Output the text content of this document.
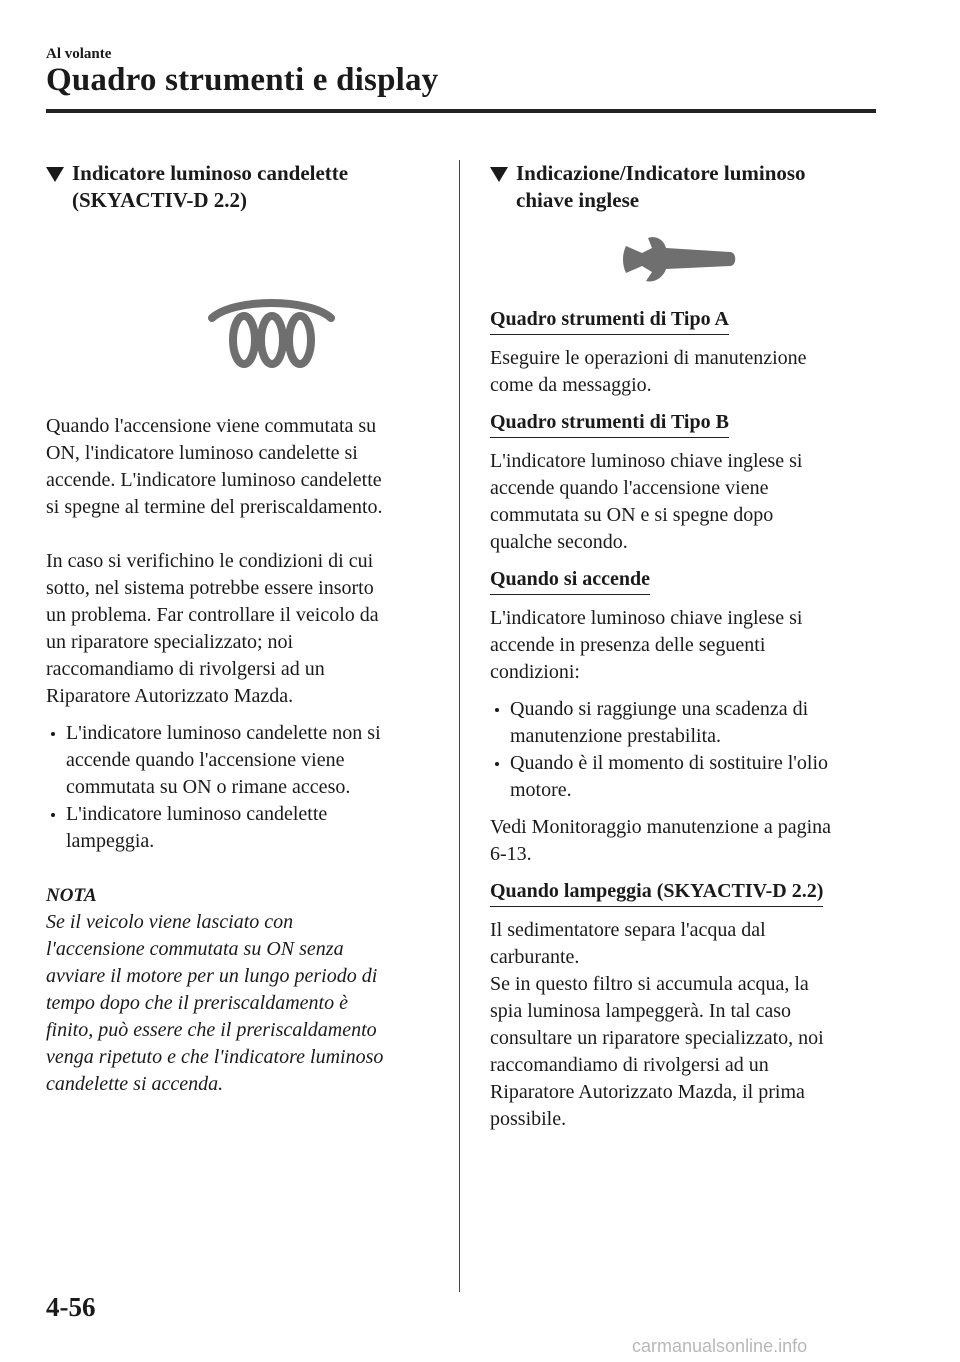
Al volante
Quadro strumenti e display
Indicatore luminoso candelette
(SKYACTIV-D 2.2)

Quando l'accensione viene commutata su
ON, l'indicatore luminoso candelette si
accende. L'indicatore luminoso candelette
si spegne al termine del preriscaldamento.

In caso si verifichino le condizioni di cui
sotto, nel sistema potrebbe essere insorto
un problema. Far controllare il veicolo da
un riparatore specializzato; noi
raccomandiamo di rivolgersi ad un
Riparatore Autorizzato Mazda.

L'indicatore luminoso candelette non si
accende quando l'accensione viene
commutata su ON o rimane acceso.
L'indicatore luminoso candelette
lampeggia.
NOTA
Se il veicolo viene lasciato con
l'accensione commutata su ON senza
avviare il motore per un lungo periodo di
tempo dopo che il preriscaldamento è
finito, può essere che il preriscaldamento
venga ripetuto e che l'indicatore luminoso
candelette si accenda.
Indicazione/Indicatore luminoso
chiave inglese
Quadro strumenti di Tipo A

Eseguire le operazioni di manutenzione
come da messaggio.

Quadro strumenti di Tipo B

L'indicatore luminoso chiave inglese si
accende quando l'accensione viene
commutata su ON e si spegne dopo
qualche secondo.

Quando si accende

L'indicatore luminoso chiave inglese si
accende in presenza delle seguenti
condizioni:

Quando si raggiunge una scadenza di
manutenzione prestabilita.
Quando è il momento di sostituire l'olio
motore.

Vedi Monitoraggio manutenzione a pagina
6-13.

Quando lampeggia (SKYACTIV-D 2.2)

Il sedimentatore separa l'acqua dal
carburante.
Se in questo filtro si accumula acqua, la
spia luminosa lampeggerà. In tal caso
consultare un riparatore specializzato, noi
raccomandiamo di rivolgersi ad un
Riparatore Autorizzato Mazda, il prima
possibile.

4-56
carmanualsonline.info
